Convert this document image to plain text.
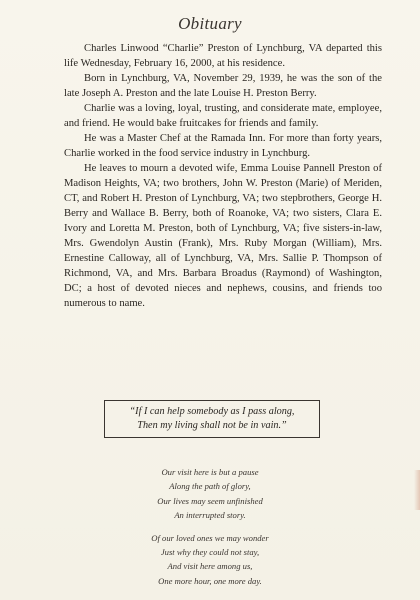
Obituary

Charles Linwood “Charlie” Preston of Lynchburg, VA departed this life Wednesday, February 16, 2000, at his residence.

Born in Lynchburg, VA, November 29, 1939, he was the son of the late Joseph A. Preston and the late Louise H. Preston Berry.

Charlie was a loving, loyal, trusting, and considerate mate, employee, and friend. He would bake fruitcakes for friends and family.

He was a Master Chef at the Ramada Inn. For more than forty years, Charlie worked in the food service industry in Lynchburg.

He leaves to mourn a devoted wife, Emma Louise Pannell Preston of Madison Heights, VA; two brothers, John W. Preston (Marie) of Meriden, CT, and Robert H. Preston of Lynchburg, VA; two stepbrothers, George H. Berry and Wallace B. Berry, both of Roanoke, VA; two sisters, Clara E. Ivory and Loretta M. Preston, both of Lynchburg, VA; five sisters-in-law, Mrs. Gwendolyn Austin (Frank), Mrs. Ruby Morgan (William), Mrs. Ernestine Calloway, all of Lynchburg, VA, Mrs. Sallie P. Thompson of Richmond, VA, and Mrs. Barbara Broadus (Raymond) of Washington, DC; a host of devoted nieces and nephews, cousins, and friends too numerous to name.

“If I can help somebody as I pass along,
Then my living shall not be in vain.”
Our visit here is but a pause
Along the path of glory,
Our lives may seem unfinished
An interrupted story.
Of our loved ones we may wonder
Just why they could not stay,
And visit here among us,
One more hour, one more day.
